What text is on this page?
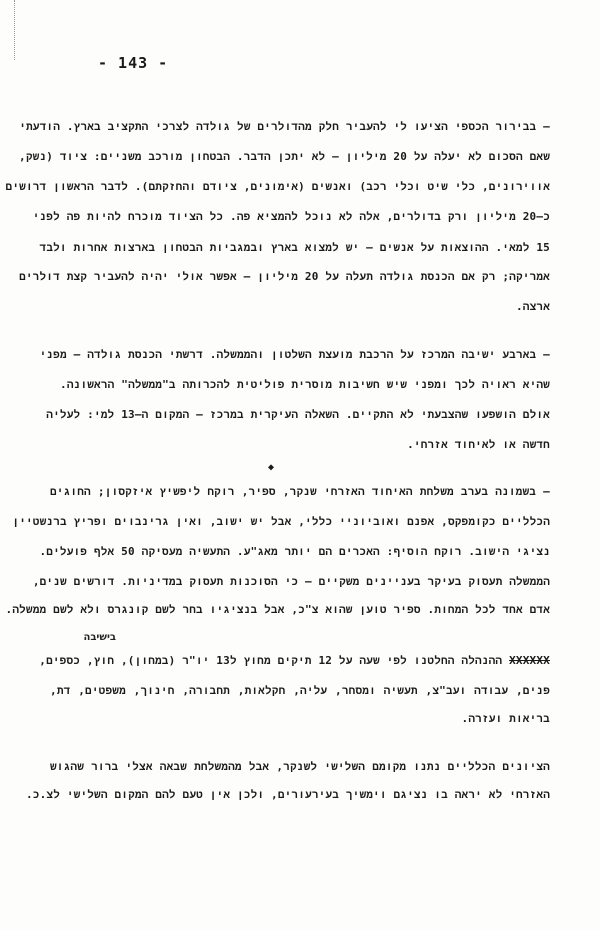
- 143 -
– בבירור הכספי הציעו לי להעביר חלק מהדולרים של גולדה לצרכי התקציב בארץ. הודעתי
שאם הסכום לא יעלה על 20 מיליון – לא יתכן הדבר. הבטחון מורכב משניים: ציוד (נשק,
אווירונים, כלי שיט וכלי רכב) ואנשים (אימונים, ציודם והחזקתם). לדבר הראשון דרושים
כ–20 מיליון ורק בדולרים, אלה לא נוכל להמציא פה. כל הציוד מוכרח להיות פה לפני
15 למאי. ההוצאות על אנשים – יש למצוא בארץ ובמגביות הבטחון בארצות אחרות ולבד
אמריקה; רק אם הכנסת גולדה תעלה על 20 מיליון – אפשר אולי יהיה להעביר קצת דולרים
ארצה.
– בארבע ישיבה המרכז על הרכבת מועצת השלטון והממשלה. דרשתי הכנסת גולדה – מפני
שהיא ראויה לכך ומפני שיש חשיבות מוסרית פוליטית להכרותה ב"ממשלה" הראשונה.
אולם הושפעו שהצבעתי לא התקיים. השאלה העיקרית במרכז – המקום ה–13 למי: לעליה
חדשה או לאיחוד אזרחי.
◆
– בשמונה בערב משלחת האיחוד האזרחי שנקר, ספיר, רוקח ליפשיץ איזקסון; החוגים
הכלליים כקומפקס, אפנם ואוביוניי כללי, אבל יש ישוב, ואין גרינבוים ופריץ ברנשטיין
נציגי הישוב. רוקח הוסיף: האכרים הם יותר מאג"ע. התעשיה מעסיקה 50 אלף פועלים.
הממשלה תעסוק בעיקר בעניינים משקיים – כי הסוכנות תעסוק במדיניות. דורשים שנים,
אדם אחד לכל המחות. ספיר טוען שהוא צ"כ, אבל בנציגיו בחר לשם קונגרס ולא לשם ממשלה.
בישיבה
XXXXXX ההנהלה החלטנו לפי שעה על 12 תיקים מחוץ ל13 יו"ר (במחון), חוץ, כספים,
פנים, עבודה ועב"צ, תעשיה ומסחר, עליה, חקלאות, תחבורה, חינוך, משפטים, דת,
בריאות ועזרה.
הציונים הכלליים נתנו מקומם השלישי לשנקר, אבל מהמשלחת שבאה אצלי ברור שהגוש
האזרחי לא יראה בו נציגם וימשיך בעירעורים, ולכן אין טעם להם המקום השלישי לצ.כ.
